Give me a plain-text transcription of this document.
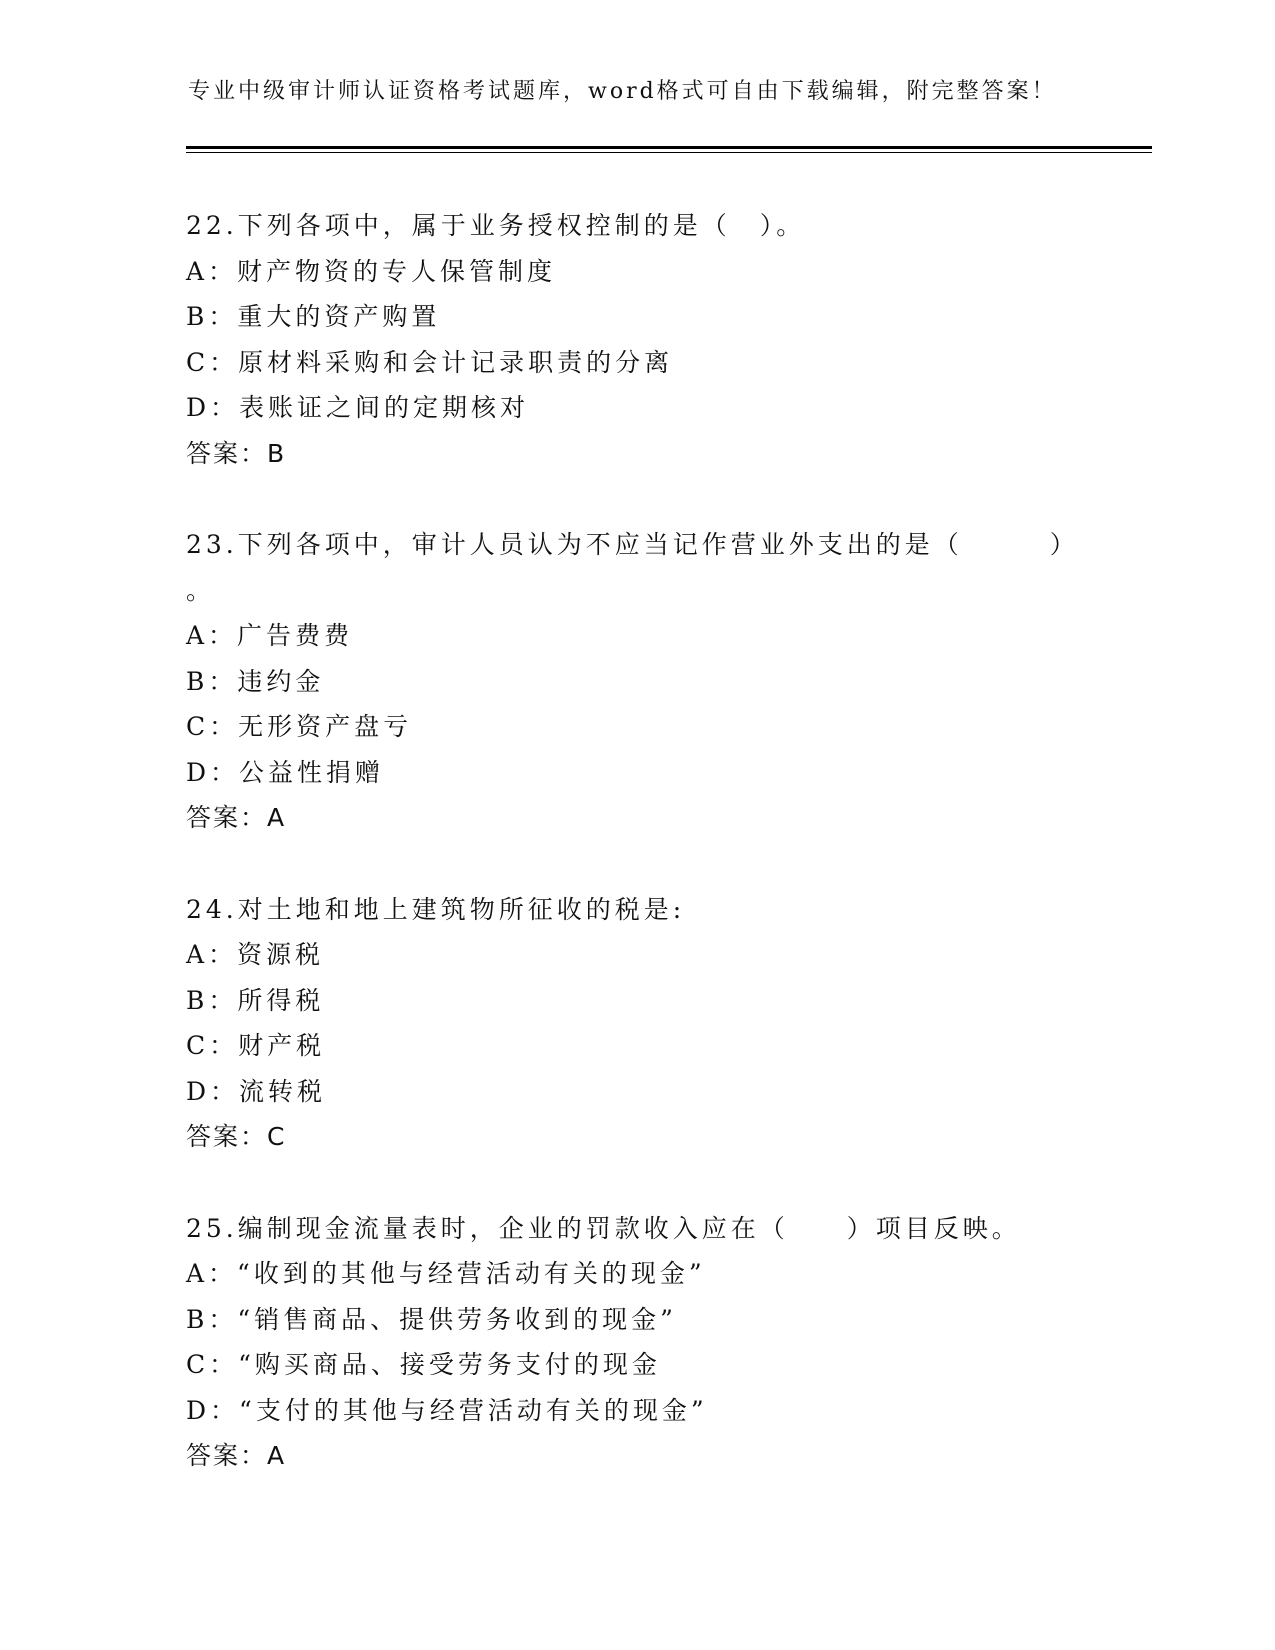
专业中级审计师认证资格考试题库，word格式可自由下载编辑，附完整答案！
22.下列各项中，属于业务授权控制的是（　）。
A：财产物资的专人保管制度
B：重大的资产购置
C：原材料采购和会计记录职责的分离
D：表账证之间的定期核对
答案：B
23.下列各项中，审计人员认为不应当记作营业外支出的是（　　　）
。
A：广告费费
B：违约金
C：无形资产盘亏
D：公益性捐赠
答案：A
24.对土地和地上建筑物所征收的税是:
A：资源税
B：所得税
C：财产税
D：流转税
答案：C
25.编制现金流量表时，企业的罚款收入应在（　　）项目反映。
A：“收到的其他与经营活动有关的现金”
B：“销售商品、提供劳务收到的现金”
C：“购买商品、接受劳务支付的现金
D：“支付的其他与经营活动有关的现金”
答案：A
